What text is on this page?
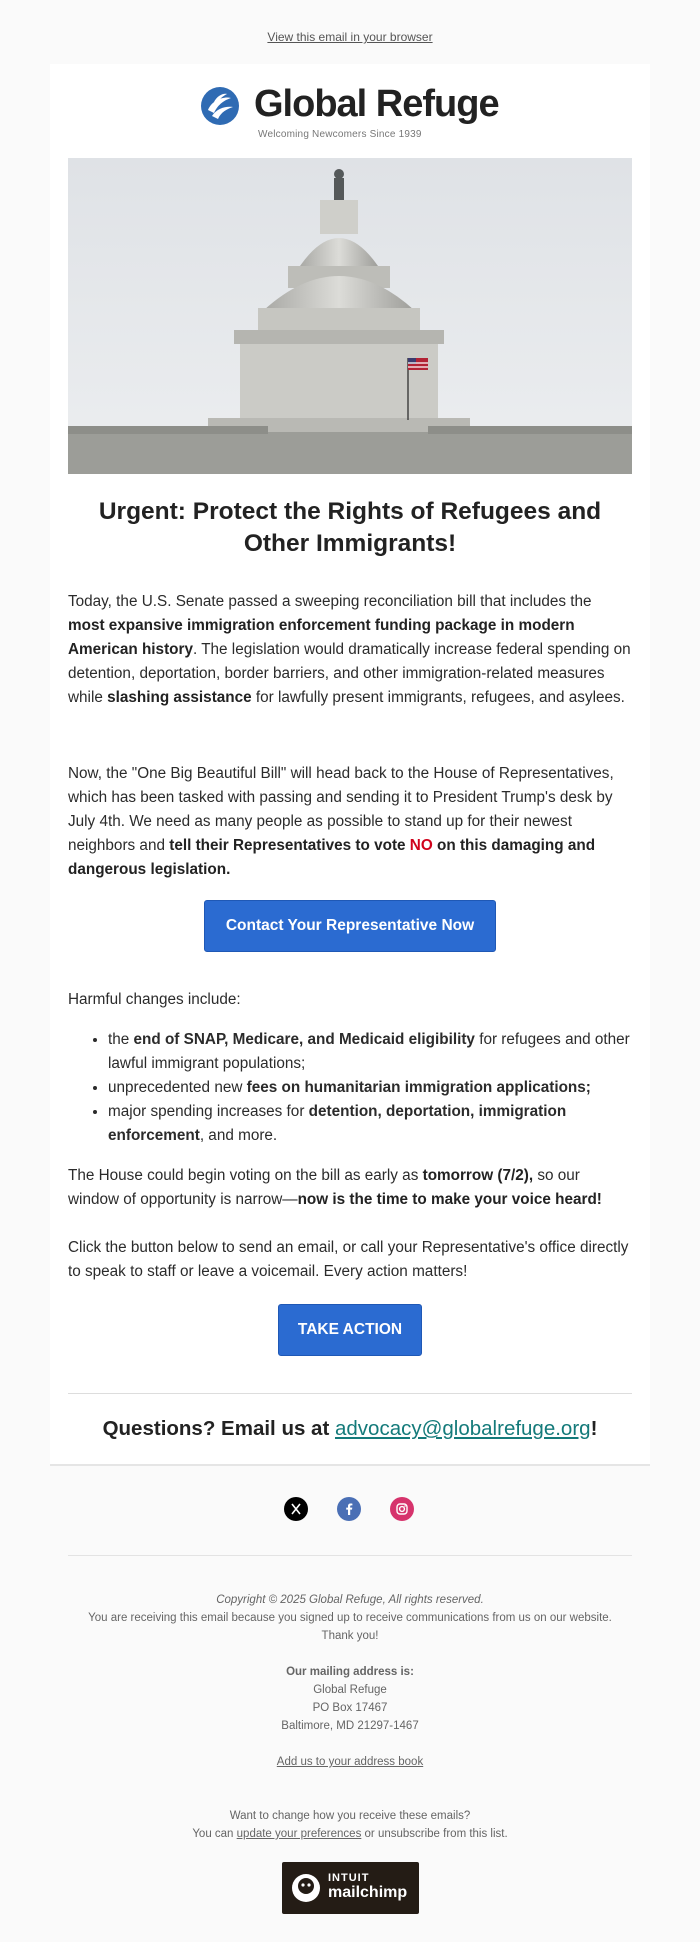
View this email in your browser
Global Refuge
Welcoming Newcomers Since 1939
Urgent: Protect the Rights of Refugees and Other Immigrants!

Today, the U.S. Senate passed a sweeping reconciliation bill that includes the most expansive immigration enforcement funding package in modern American history. The legislation would dramatically increase federal spending on detention, deportation, border barriers, and other immigration-related measures while slashing assistance for lawfully present immigrants, refugees, and asylees.

Now, the "One Big Beautiful Bill" will head back to the House of Representatives, which has been tasked with passing and sending it to President Trump's desk by July 4th. We need as many people as possible to stand up for their newest neighbors and tell their Representatives to vote NO on this damaging and dangerous legislation.

Contact Your Representative Now

Harmful changes include:

• the end of SNAP, Medicare, and Medicaid eligibility for refugees and other lawful immigrant populations;
• unprecedented new fees on humanitarian immigration applications;
• major spending increases for detention, deportation, immigration enforcement, and more.

The House could begin voting on the bill as early as tomorrow (7/2), so our window of opportunity is narrow—now is the time to make your voice heard!

Click the button below to send an email, or call your Representative's office directly to speak to staff or leave a voicemail. Every action matters!

TAKE ACTION
Questions? Email us at advocacy@globalrefuge.org!
Copyright © 2025 Global Refuge, All rights reserved.
You are receiving this email because you signed up to receive communications from us on our website.
Thank you!
Our mailing address is:
Global Refuge
PO Box 17467
Baltimore, MD 21297-1467
Add us to your address book
Want to change how you receive these emails?
You can update your preferences or unsubscribe from this list.
INTUIT
mailchimp
